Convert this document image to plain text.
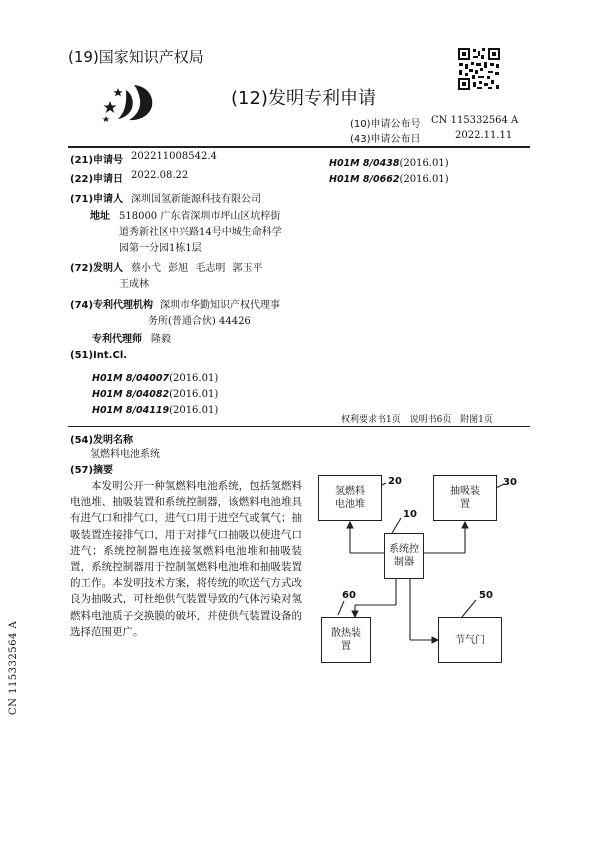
(19)国家知识产权局
(12)发明专利申请
(10)申请公布号 CN 115332564 A
(43)申请公布日	2022.11.11
(21)申请号 202211008542.4
(22)申请日 2022.08.22
(71)申请人 深圳国氢新能源科技有限公司
地址 518000 广东省深圳市坪山区坑梓街
道秀新社区中兴路14号中城生命科学
园第一分园1栋1层
(72)发明人 蔡小弋 彭旭 毛志明 郭玉平
王成林
(74)专利代理机构 深圳市华勤知识产权代理事
务所(普通合伙) 44426
专利代理师 隆毅
(51)Int.Cl.
H01M 8/04007(2016.01)
H01M 8/04082(2016.01)
H01M 8/04119(2016.01)
H01M 8/0438(2016.01)
H01M 8/0662(2016.01)
权利要求书1页 说明书6页 附图1页
(54)发明名称
氢燃料电池系统
(57)摘要
本发明公开一种氢燃料电池系统，包括氢燃料电池堆、抽吸装置和系统控制器，该燃料电池堆具有进气口和排气口，进气口用于进空气或氧气；抽吸装置连接排气口，用于对排气口抽吸以使进气口进气；系统控制器电连接氢燃料电池堆和抽吸装置，系统控制器用于控制氢燃料电池堆和抽吸装置的工作。本发明技术方案，将传统的吹送气方式改良为抽吸式，可杜绝供气装置导致的气体污染对氢燃料电池质子交换膜的破坏，并使供气装置设备的选择范围更广。
氢燃料
电池堆
抽吸装
置
系统控
制器
散热装
置
节气门
20	30
10
60	50
CN 115332564 A
